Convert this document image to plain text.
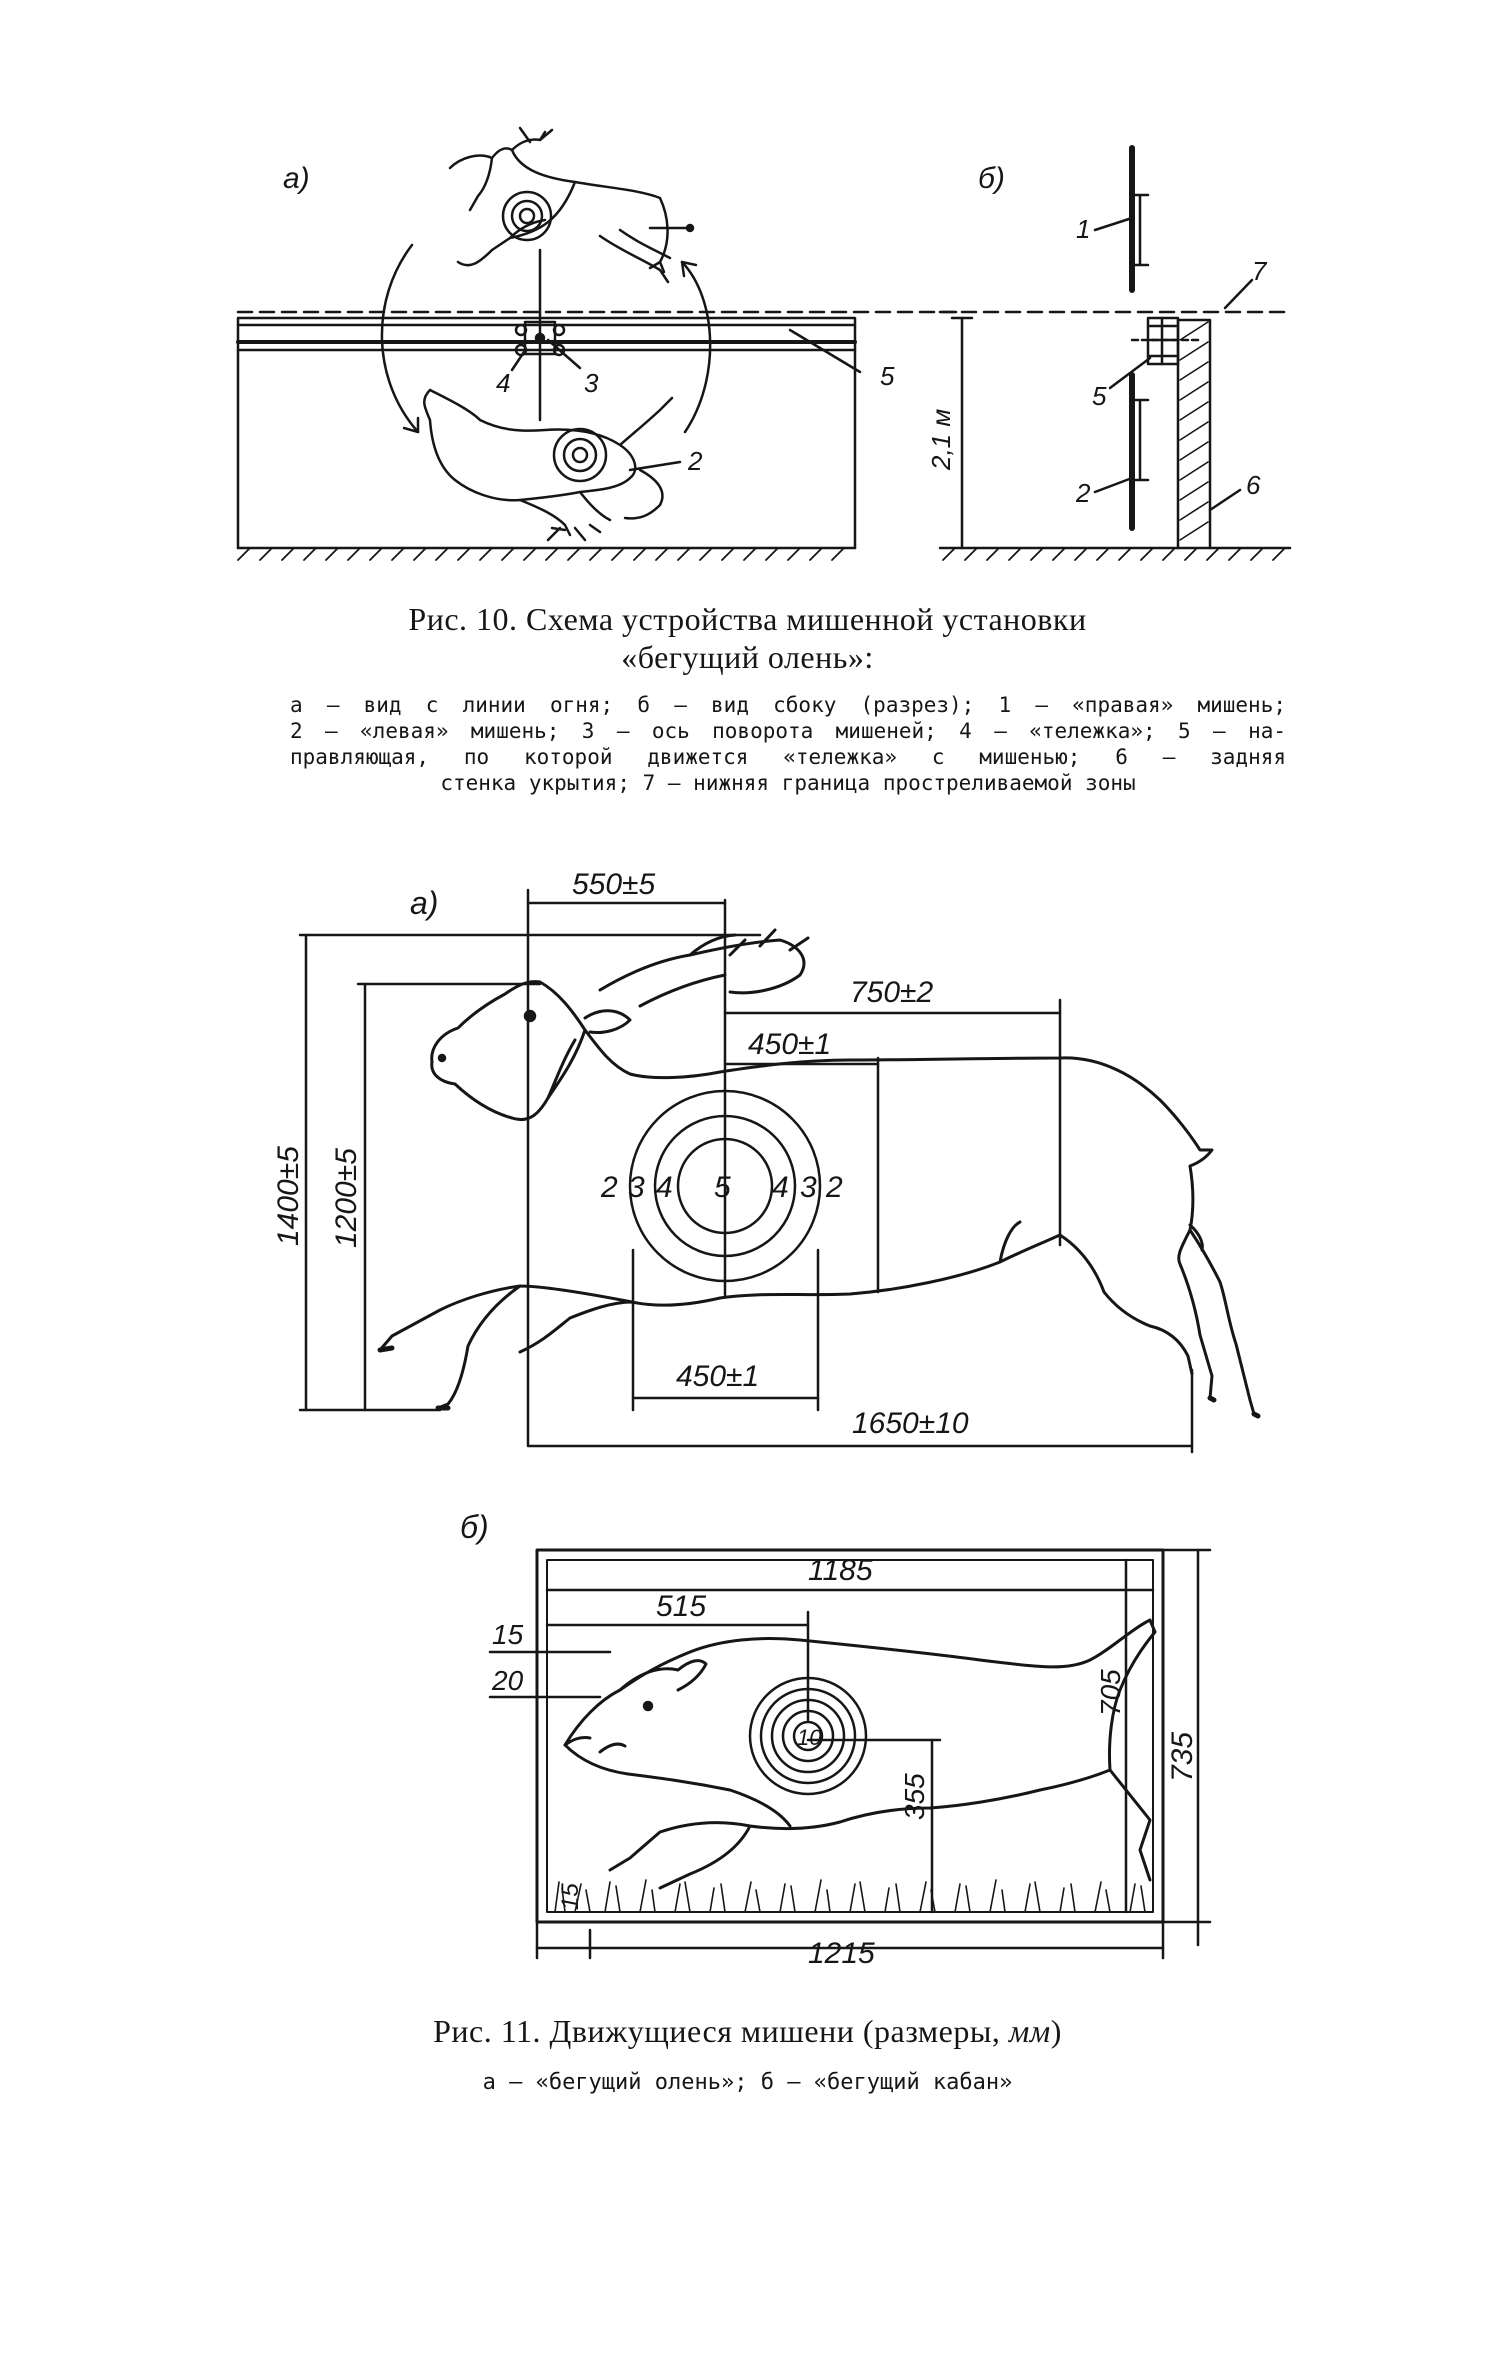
а)
5
3
4
2
б)
2,1 м
1
5
2	6
7
а)
2 3 4 5 4 3 2
550±5
750±2
450±1
450±1
1650±10
1400±5 1200±5
б)
1185
515
15
20	705
735
355
15
1215
10
Рис. 10. Схема устройства мишенной установки
«бегущий олень»:
а — вид с линии огня; б — вид сбоку (разрез); 1 — «правая» мишень;
2 — «левая» мишень; 3 — ось поворота мишеней; 4 — «тележка»; 5 — на-
правляющая, по которой движется «тележка» с мишенью; 6 — задняя
стенка укрытия; 7 — нижняя граница простреливаемой зоны
Рис. 11. Движущиеся мишени (размеры, мм)
а — «бегущий олень»; б — «бегущий кабан»
